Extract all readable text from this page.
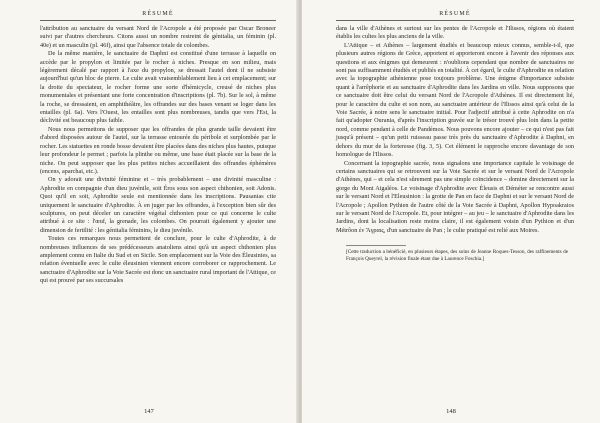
RÉSUMÉ

l'attribution au sanctuaire du versant Nord de l'Acropole a été proposée par Oscar Broneer suivi par d'autres chercheurs. Citons aussi un nombre restreint de génitalia, un féminin (pl. 40e) et un masculin (pl. 46f), ainsi que l'absence totale de colombes.

De la même manière, le sanctuaire de Daphni est constitué d'une terrasse à laquelle on accède par le propylon et limitée par le rocher à niches. Presque en son milieu, mais légèrement décalé par rapport à l'axe du propylon, se dressait l'autel dont il ne subsiste aujourd'hui qu'un bloc de pierre. Le culte avait vraisemblablement lieu à cet emplacement; sur la droite du spectateur, le rocher forme une sorte d'hémicycle, creusé de niches plus monumentales et présentant une forte concentration d'inscriptions (pl. 7b). Sur le sol, à même la roche, se dressaient, en amphithéâtre, les offrandes sur des bases venant se loger dans les entailles (pl. 6a). Vers l'Ouest, les entailles sont plus nombreuses, tandis que vers l'Est, la déclivité est beaucoup plus faible.

Nous nous permettons de supposer que les offrandes de plus grande taille devaient être d'abord disposées autour de l'autel, sur la terrasse entourée du péribole et surplombée par le rocher. Les statuettes en ronde bosse devaient être placées dans des niches plus hautes, puisque leur profondeur le permet ; parfois la plinthe ou même, une base était placée sur la base de la niche. On peut supposer que les plus petites niches accueillaient des offrandes éphémères (encens, aparchai, etc.).

On y adorait une divinité féminine et – très probablement – une divinité masculine : Aphrodite en compagnie d'un dieu juvénile, soit Éros sous son aspect chthonien, soit Adonis. Quoi qu'il en soit, Aphrodite seule est mentionnée dans les inscriptions. Pausanias cite uniquement le sanctuaire d'Aphrodite. À en juger par les offrandes, à l'exception bien sûr des sculptures, on peut déceler un caractère végétal chthonien pour ce qui concerne le culte attribué à ce site : l'œuf, la grenade, les colombes. On pourrait également y ajouter une dimension de fertilité : les génitalia féminins, le dieu juvénile.

Toutes ces remarques nous permettent de conclure, pour le culte d'Aphrodite, à de nombreuses influences de ses prédécesseurs anatoliens ainsi qu'à un aspect chthonien plus amplement connu en Italie du Sud et en Sicile. Son emplacement sur la Voie des Éleusinies, sa relation éventuelle avec le culte éleusinien viennent encore corroborer ce rapprochement. Le sanctuaire d'Aphrodite sur la Voie Sacrée est donc un sanctuaire rural important de l'Attique, ce qui est prouvé par ses succursales

147
RÉSUMÉ

dans la ville d'Athènes et surtout sur les pentes de l'Acropole et l'Ilissos, régions où étaient établis les cultes les plus anciens de la ville.

L'Attique – et Athènes – largement étudiés et beaucoup mieux connus, semble-t-il, que plusieurs autres régions de Grèce, apportent et apporteront encore à l'avenir des réponses aux questions et aux énigmes qui demeurent : n'oublions cependant que nombre de sanctuaires ne sont pas suffisamment étudiés et publiés en totalité. À cet égard, le culte d'Aphrodite en relation avec la topographie athénienne pose toujours problème. Une énigme d'importance subsiste quant à l'arrêphorie et au sanctuaire d'Aphrodite dans les Jardins en ville. Nous supposons que ce sanctuaire doit être celui du versant Nord de l'Acropole d'Athènes. Il est directement lié, pour le caractère du culte et son nom, au sanctuaire antérieur de l'Ilissos ainsi qu'à celui de la Voie Sacrée, à notre sens le sanctuaire initial. Pour l'adjectif attribué à cette Aphrodite on n'a fait qu'adopter Ourania, d'après l'inscription gravée sur le trésor trouvé plus loin dans la petite nord, comme pendant à celle de Pandémos. Nous pouvons encore ajouter – ce qui n'est pas fait jusqu'à présent – qu'un petit ruisseau passe très près du sanctuaire d'Aphrodite à Daphni, en dehors du mur de la forteresse (fig. 3, 5). Cet élément le rapproche encore davantage de son homologue de l'Ilissos.

Concernant la topographie sacrée, nous signalons une importance capitale le voisinage de certains sanctuaires qui se retrouvent sur la Voie Sacrée et sur le versant Nord de l'Acropole d'Athènes, qui – et cela n'est sûrement pas une simple coïncidence – domine directement sur la gorge du Mont Aigaléos. Le voisinage d'Aphrodite avec Éleusis et Déméter se rencontre aussi sur le versant Nord et l'Eleusinion : la grotte de Pan en face de Daphni et sur le versant Nord de l'Acropole ; Apollon Pythien de l'autre côté de la Voie Sacrée à Daphni, Apollon Hypoakraios sur le versant Nord de l'Acropole. Et, pour intégrer – au jeu – le sanctuaire d'Aphrodite dans les Jardins, dont la localisation reste moins claire, il est également voisin d'un Pythion et d'un Métrôon ἐν Ἄγραις, d'un sanctuaire de Pan ; le culte pratiqué est relié aux Moires.

[Cette traduction a bénéficié, en plusieurs étapes, des soins de Jeanne Roques-Tesson, des raffinements de François Queyrel, la révision finale étant due à Laurence Foschia.]

148
